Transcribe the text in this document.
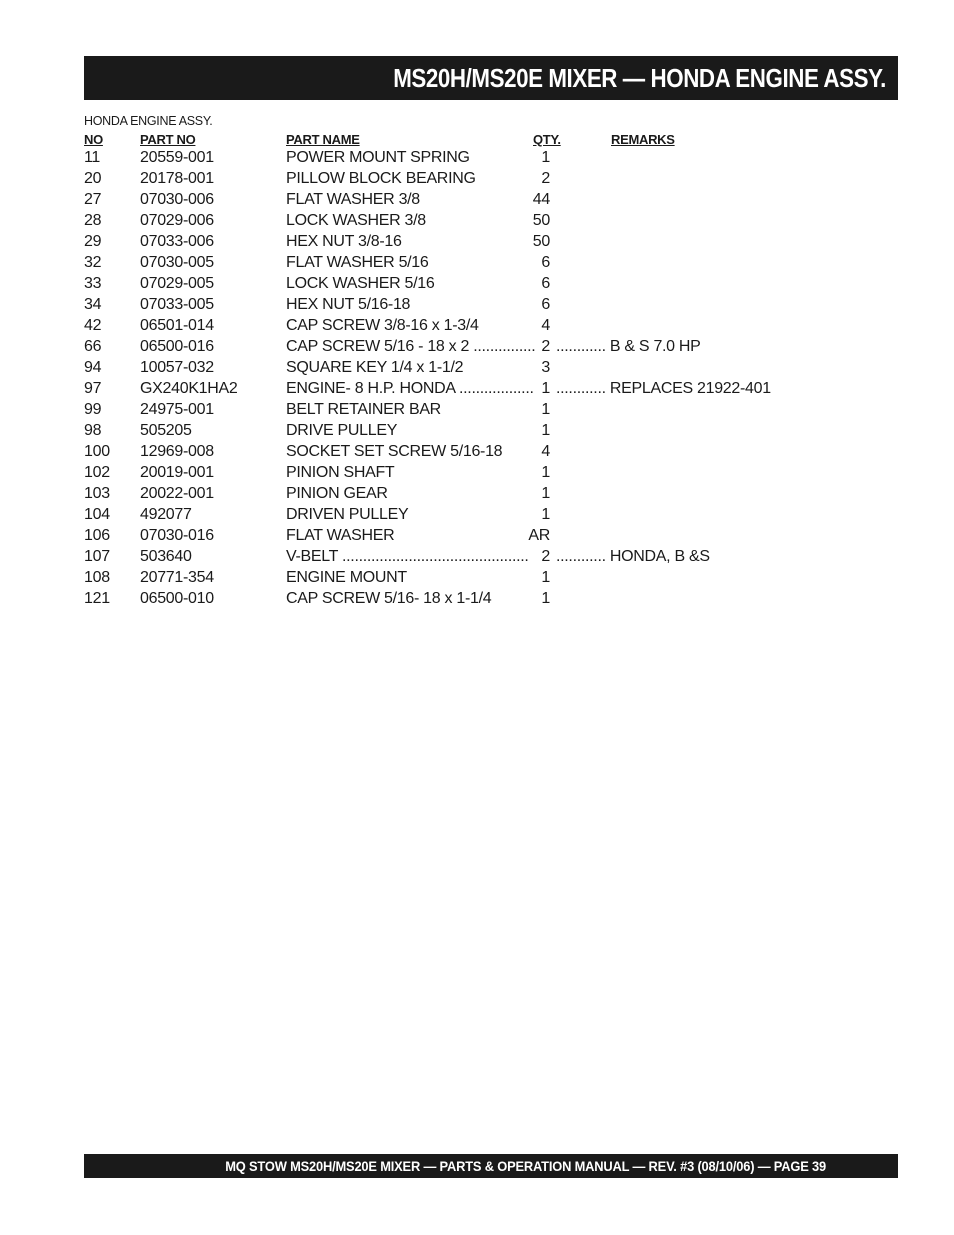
MS20H/MS20E MIXER — HONDA ENGINE ASSY.
HONDA ENGINE ASSY.
NO	PART NO	PART NAME	QTY.	REMARKS
11 20559-001	POWER MOUNT SPRING	1
20 20178-001	PILLOW BLOCK BEARING	2
27 07030-006	FLAT WASHER 3/8	44
28 07029-006	LOCK WASHER 3/8	50
29 07033-006	HEX NUT 3/8-16	50
32 07030-005	FLAT WASHER 5/16	6
33 07029-005	LOCK WASHER 5/16	6
34 07033-005	HEX NUT 5/16-18	6
42 06501-014	CAP SCREW 3/8-16 x 1-3/4	4
66 06500-016	CAP SCREW 5/16 - 18 x 2 ............... 2 ............ B & S 7.0 HP
94 10057-032	SQUARE KEY 1/4 x 1-1/2	3
97 GX240K1HA2	ENGINE- 8 H.P. HONDA .................. 1 ............ REPLACES 21922-401
99 24975-001	BELT RETAINER BAR	1
98 505205	DRIVE PULLEY	1
100 12969-008	SOCKET SET SCREW 5/16-18	4
102 20019-001	PINION SHAFT	1
103 20022-001	PINION GEAR	1
104 492077	DRIVEN PULLEY	1
106 07030-016	FLAT WASHER	AR
107 503640	V-BELT ............................................. 2 ............ HONDA, B &S
108 20771-354	ENGINE MOUNT	1
121 06500-010	CAP SCREW 5/16- 18 x 1-1/4	1
MQ STOW MS20H/MS20E MIXER — PARTS & OPERATION MANUAL — REV. #3 (08/10/06) — PAGE 39
